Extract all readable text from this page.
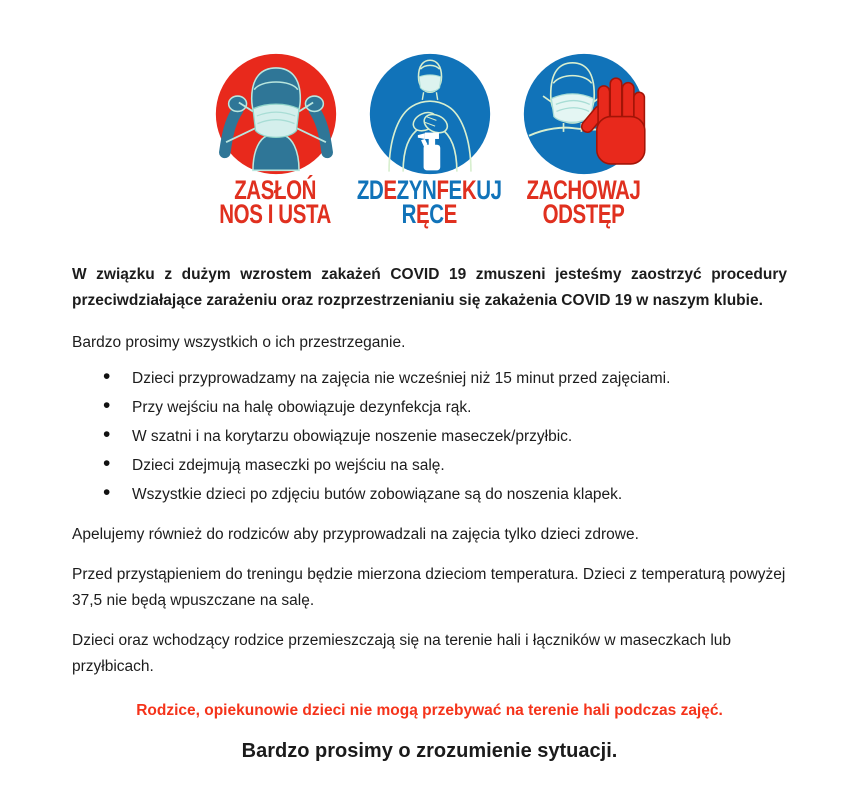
ZASŁOŃ
NOS I USTA
ZDEZYNFEKUJ
RĘCE
ZACHOWAJ
ODSTĘP

W związku z dużym wzrostem zakażeń COVID 19 zmuszeni jesteśmy zaostrzyć procedury przeciwdziałające zarażeniu oraz rozprzestrzenianiu się zakażenia COVID 19 w naszym klubie.

Bardzo prosimy wszystkich o ich przestrzeganie.

• Dzieci przyprowadzamy na zajęcia nie wcześniej niż 15 minut przed zajęciami.
• Przy wejściu na halę obowiązuje dezynfekcja rąk.
• W szatni i na korytarzu obowiązuje noszenie maseczek/przyłbic.
• Dzieci zdejmują maseczki po wejściu na salę.
• Wszystkie dzieci po zdjęciu butów zobowiązane są do noszenia klapek.

Apelujemy również do rodziców aby przyprowadzali na zajęcia tylko dzieci zdrowe.

Przed przystąpieniem do treningu będzie mierzona dzieciom temperatura. Dzieci z temperaturą powyżej 37,5 nie będą wpuszczane na salę.

Dzieci oraz wchodzący rodzice przemieszczają się na terenie hali i łączników w maseczkach lub przyłbicach.

Rodzice, opiekunowie dzieci nie mogą przebywać na terenie hali podczas zajęć.

Bardzo prosimy o zrozumienie sytuacji.
